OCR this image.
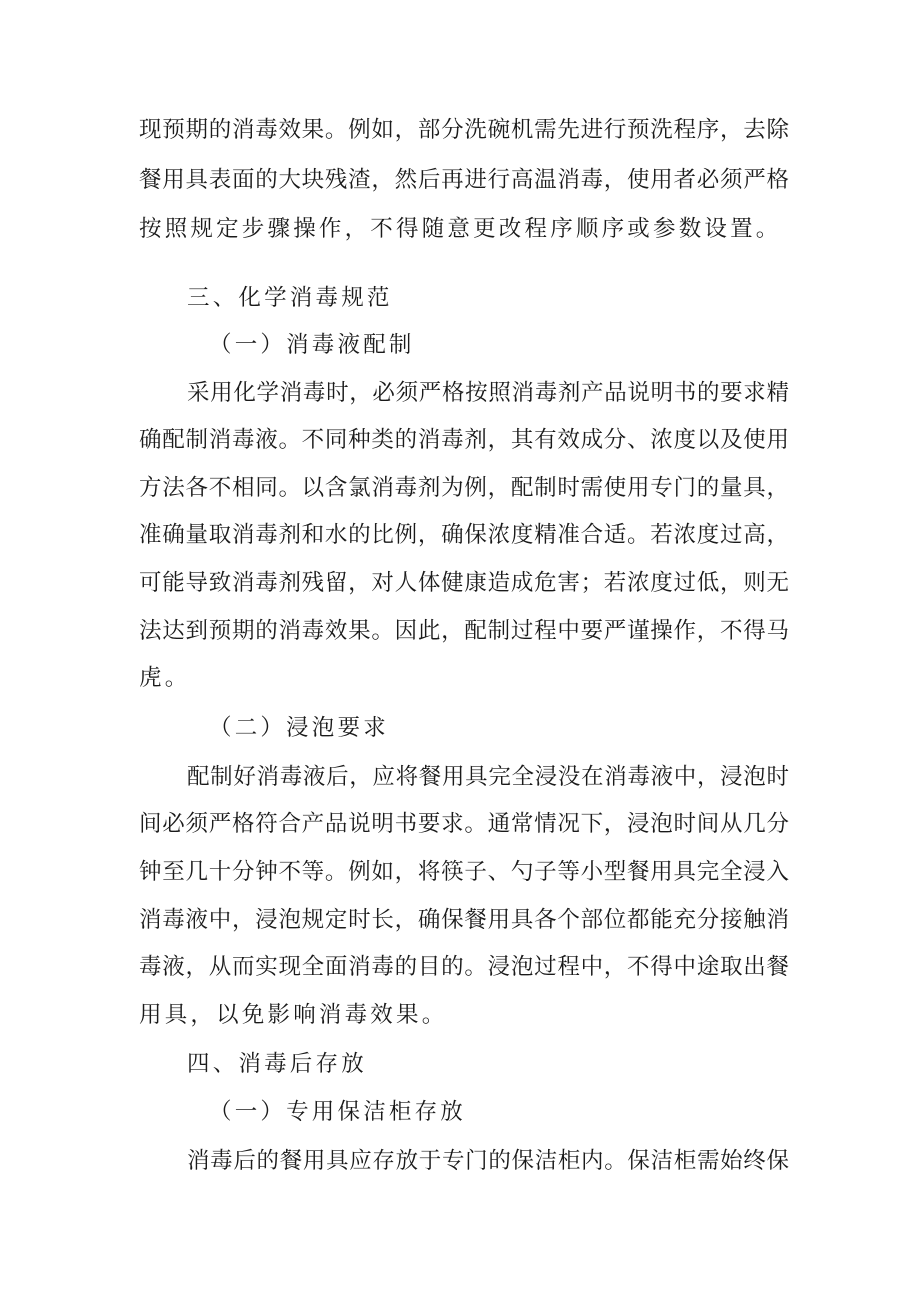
现预期的消毒效果。例如，部分洗碗机需先进行预洗程序，去除
餐用具表面的大块残渣，然后再进行高温消毒，使用者必须严格
按照规定步骤操作，不得随意更改程序顺序或参数设置。
三、化学消毒规范
（一）消毒液配制
采用化学消毒时，必须严格按照消毒剂产品说明书的要求精
确配制消毒液。不同种类的消毒剂，其有效成分、浓度以及使用
方法各不相同。以含氯消毒剂为例，配制时需使用专门的量具，
准确量取消毒剂和水的比例，确保浓度精准合适。若浓度过高，
可能导致消毒剂残留，对人体健康造成危害；若浓度过低，则无
法达到预期的消毒效果。因此，配制过程中要严谨操作，不得马
虎。
（二）浸泡要求
配制好消毒液后，应将餐用具完全浸没在消毒液中，浸泡时
间必须严格符合产品说明书要求。通常情况下，浸泡时间从几分
钟至几十分钟不等。例如，将筷子、勺子等小型餐用具完全浸入
消毒液中，浸泡规定时长，确保餐用具各个部位都能充分接触消
毒液，从而实现全面消毒的目的。浸泡过程中，不得中途取出餐
用具，以免影响消毒效果。
四、消毒后存放
（一）专用保洁柜存放
消毒后的餐用具应存放于专门的保洁柜内。保洁柜需始终保
